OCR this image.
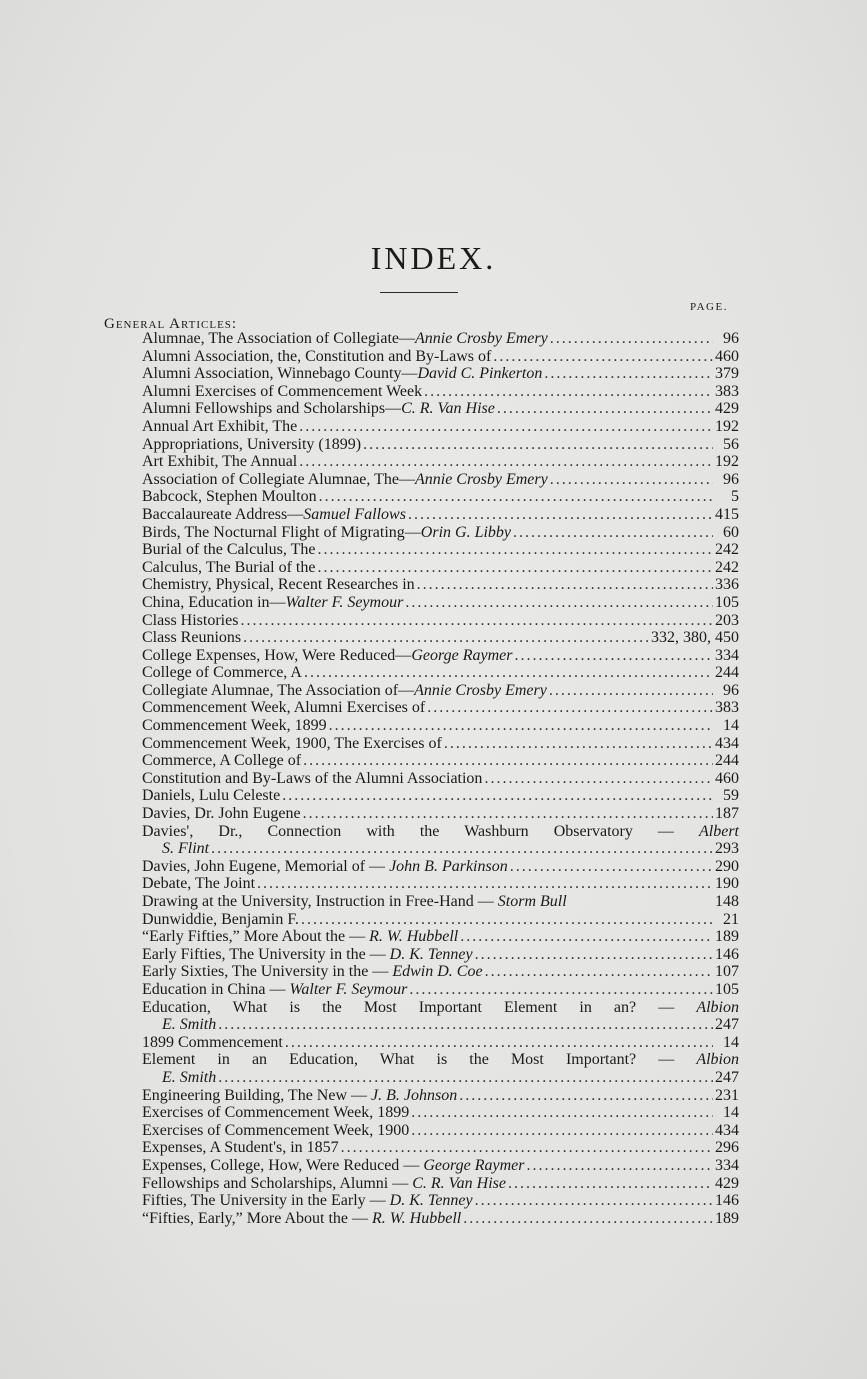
INDEX.
PAGE.
General Articles:
Alumnae, The Association of Collegiate—Annie Crosby Emery .....	96
Alumni Association, the, Constitution and By-Laws of .....	460
Alumni Association, Winnebago County—David C. Pinkerton .....	379
Alumni Exercises of Commencement Week .....	383
Alumni Fellowships and Scholarships—C. R. Van Hise .....	429
Annual Art Exhibit, The .....	192
Appropriations, University (1899) .....	56
Art Exhibit, The Annual .....	192
Association of Collegiate Alumnae, The—Annie Crosby Emery .....	96
Babcock, Stephen Moulton .....	5
Baccalaureate Address—Samuel Fallows .....	415
Birds, The Nocturnal Flight of Migrating—Orin G. Libby .....	60
Burial of the Calculus, The .....	242
Calculus, The Burial of the .....	242
Chemistry, Physical, Recent Researches in .....	336
China, Education in—Walter F. Seymour .....	105
Class Histories .....	203
Class Reunions .....	332, 380, 450
College Expenses, How, Were Reduced—George Raymer .....	334
College of Commerce, A .....	244
Collegiate Alumnae, The Association of—Annie Crosby Emery .....	96
Commencement Week, Alumni Exercises of .....	383
Commencement Week, 1899 .....	14
Commencement Week, 1900, The Exercises of .....	434
Commerce, A College of .....	244
Constitution and By-Laws of the Alumni Association .....	460
Daniels, Lulu Celeste .....	59
Davies, Dr. John Eugene .....	187
Davies', Dr., Connection with the Washburn Observatory — Albert
S. Flint .....	293
Davies, John Eugene, Memorial of — John B. Parkinson .....	290
Debate, The Joint .....	190
Drawing at the University, Instruction in Free-Hand — Storm Bull	148
Dunwiddie, Benjamin F. .....	21
“Early Fifties,” More About the — R. W. Hubbell .....	189
Early Fifties, The University in the — D. K. Tenney .....	146
Early Sixties, The University in the — Edwin D. Coe .....	107
Education in China — Walter F. Seymour .....	105
Education, What is the Most Important Element in an? — Albion
E. Smith .....	247
1899 Commencement .....	14
Element in an Education, What is the Most Important? — Albion
E. Smith .....	247
Engineering Building, The New — J. B. Johnson .....	231
Exercises of Commencement Week, 1899 .....	14
Exercises of Commencement Week, 1900 .....	434
Expenses, A Student's, in 1857 .....	296
Expenses, College, How, Were Reduced — George Raymer .....	334
Fellowships and Scholarships, Alumni — C. R. Van Hise .....	429
Fifties, The University in the Early — D. K. Tenney .....	146
“Fifties, Early,” More About the — R. W. Hubbell .....	189
